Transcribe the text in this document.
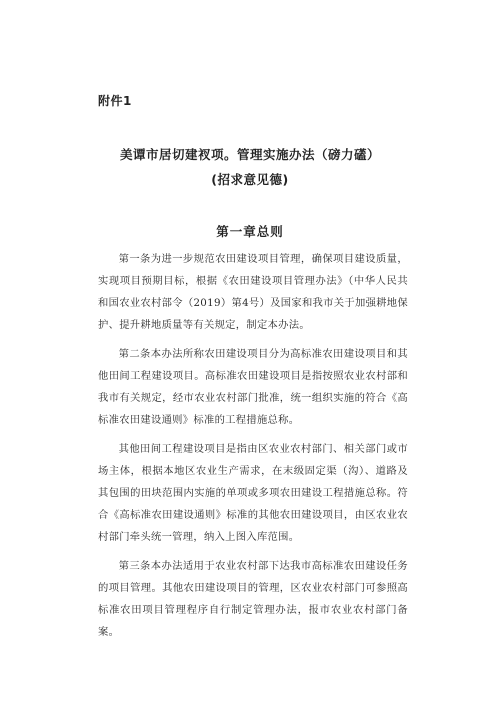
附件1
美谭市居切建衩项。管理实施办法（磅力礚）
(招求意见德)
第一章总则

第一条为进一步规范农田建设项目管理，确保项目建设质量，实现项目预期目标，根据《农田建设项目管理办法》（中华人民共和国农业农村部令（2019）第4号）及国家和我市关于加强耕地保护、提升耕地质量等有关规定，制定本办法。

第二条本办法所称农田建设项目分为高标准农田建设项目和其他田间工程建设项目。高标准农田建设项目是指按照农业农村部和我市有关规定，经市农业农村部门批准，统一组织实施的符合《高标准农田建设通则》标准的工程措施总称。

其他田间工程建设项目是指由区农业农村部门、相关部门或市场主体，根据本地区农业生产需求，在末级固定渠（沟）、道路及其包围的田块范围内实施的单项或多项农田建设工程措施总称。符合《高标准农田建设通则》标准的其他农田建设项目，由区农业农村部门牵头统一管理，纳入上图入库范围。

第三条本办法适用于农业农村部下达我市高标准农田建设任务的项目管理。其他农田建设项目的管理，区农业农村部门可参照高标准农田项目管理程序自行制定管理办法，报市农业农村部门备案。
